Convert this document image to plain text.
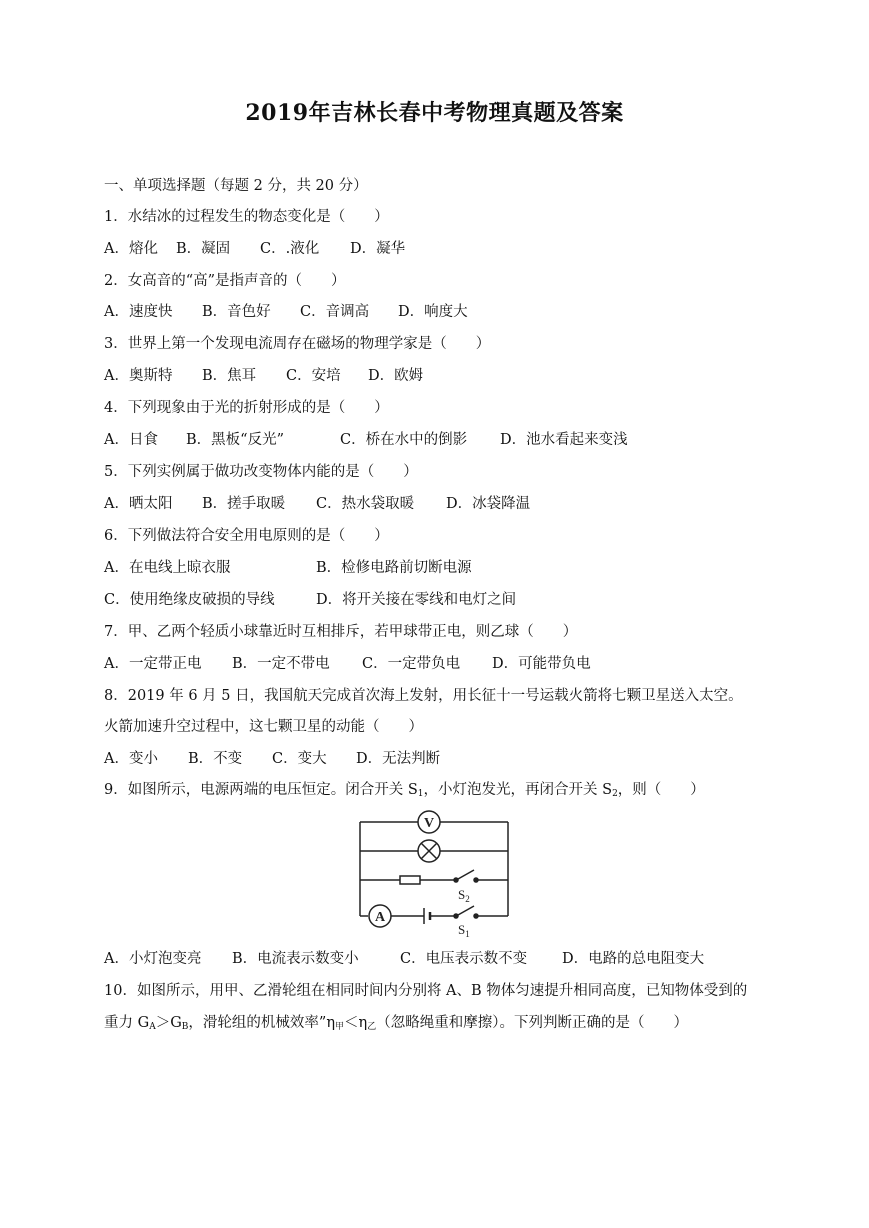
2019年吉林长春中考物理真题及答案
一、单项选择题（每题 2 分，共 20 分）
1．水结冰的过程发生的物态变化是（　　）
A．熔化 B．凝固 C．.液化 D．凝华
2．女高音的“高”是指声音的（　　）
A．速度快 B．音色好 C．音调高 D．响度大
3．世界上第一个发现电流周存在磁场的物理学家是（　　）
A．奥斯特 B．焦耳 C．安培 D．欧姆
4．下列现象由于光的折射形成的是（　　）
A．日食 B．黑板“反光”	C．桥在水中的倒影 D．池水看起来变浅
5．下列实例属于做功改变物体内能的是（　　）
A．晒太阳 B．搓手取暖 C．热水袋取暖 D．冰袋降温
6．下列做法符合安全用电原则的是（　　）
A．在电线上晾衣服	B．检修电路前切断电源
C．使用绝缘皮破损的导线	D．将开关接在零线和电灯之间
7．甲、乙两个轻质小球靠近时互相排斥，若甲球带正电，则乙球（　　）
A．一定带正电 B．一定不带电 C．一定带负电 D．可能带负电
8．2019 年 6 月 5 日，我国航天完成首次海上发射，用长征十一号运载火箭将七颗卫星送入太空。
火箭加速升空过程中，这七颗卫星的动能（　　）
A．变小 B．不变 C．变大 D．无法判断
9．如图所示，电源两端的电压恒定。闭合开关 $S_1$，小灯泡发光，再闭合开关 $S_2$，则（　　）
V
$S_2$
A
$S_1$
A．小灯泡变亮 B．电流表示数变小	C．电压表示数不变 D．电路的总电阻变大
10．如图所示，用甲、乙滑轮组在相同时间内分别将 A、B 物体匀速提升相同高度，已知物体受到的
重力 $G_A>G_B$，滑轮组的机械效率$”\eta_甲<\eta_乙$（忽略绳重和摩擦）。下列判断正确的是（　　）
